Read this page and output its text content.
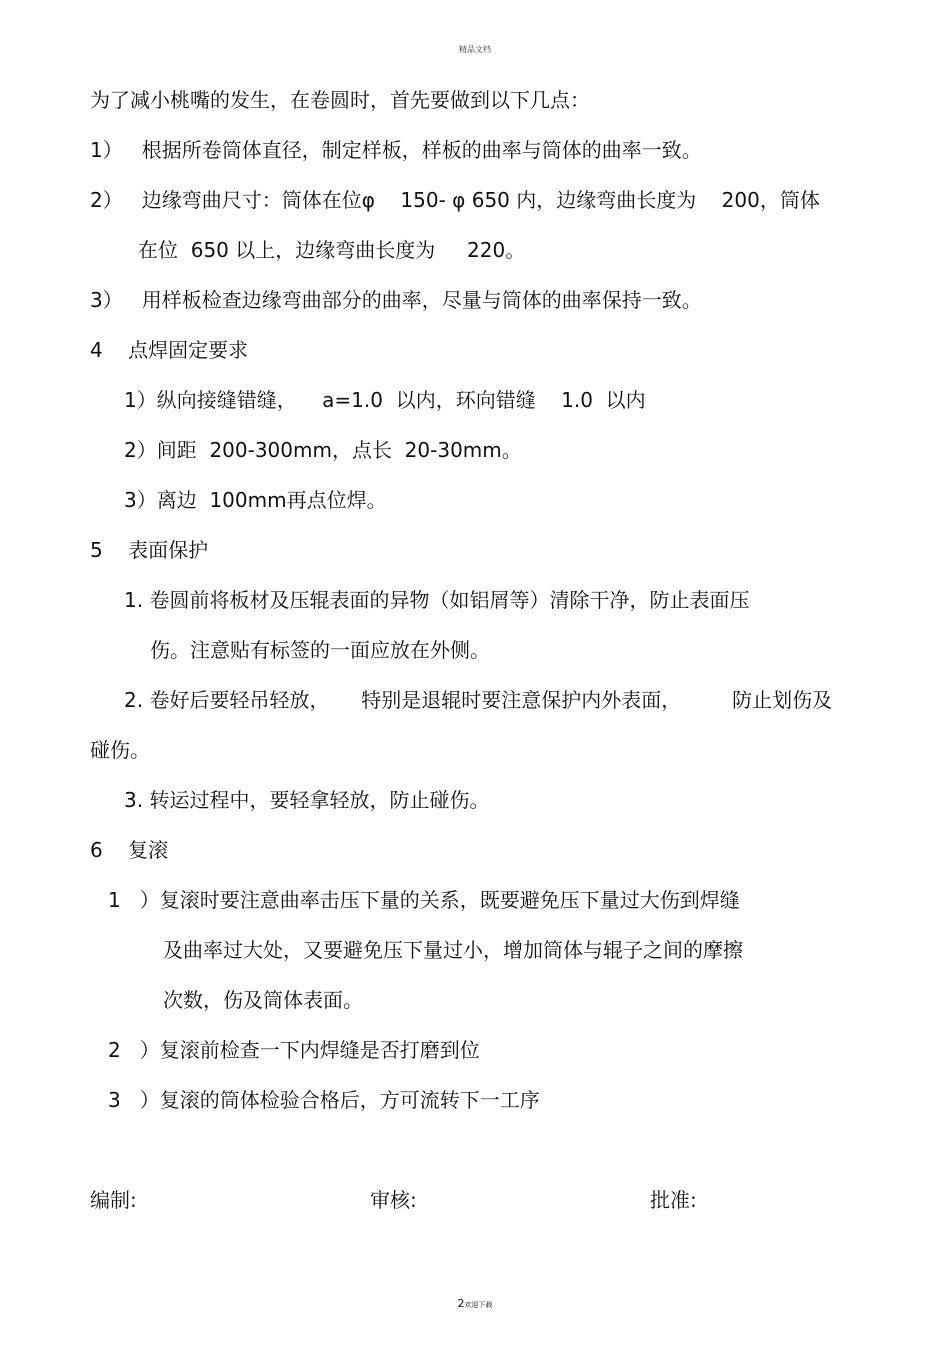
精品文档
为了减小桃嘴的发生，在卷圆时，首先要做到以下几点：
1）   根据所卷筒体直径，制定样板，样板的曲率与筒体的曲率一致。
2）   边缘弯曲尺寸：筒体在位φ    150- φ 650 内，边缘弯曲长度为    200，筒体
在位  650 以上，边缘弯曲长度为     220。
3）   用样板检查边缘弯曲部分的曲率，尽量与筒体的曲率保持一致。
4    点焊固定要求
1）纵向接缝错缝，    a=1.0  以内，环向错缝    1.0  以内
2）间距  200-300mm，点长  20-30mm。
3）离边  100mm再点位焊。
5    表面保护
1. 卷圆前将板材及压辊表面的异物（如铝屑等）清除干净，防止表面压
伤。注意贴有标签的一面应放在外侧。
2. 卷好后要轻吊轻放，     特别是退辊时要注意保护内外表面，        防止划伤及
碰伤。
3. 转运过程中，要轻拿轻放，防止碰伤。
6    复滚
1   ）复滚时要注意曲率击压下量的关系，既要避免压下量过大伤到焊缝
及曲率过大处，又要避免压下量过小，增加筒体与辊子之间的摩擦
次数，伤及筒体表面。
2   ）复滚前检查一下内焊缝是否打磨到位
3   ）复滚的筒体检验合格后，方可流转下一工序
编制:	审核:	批准:
2欢迎下载
